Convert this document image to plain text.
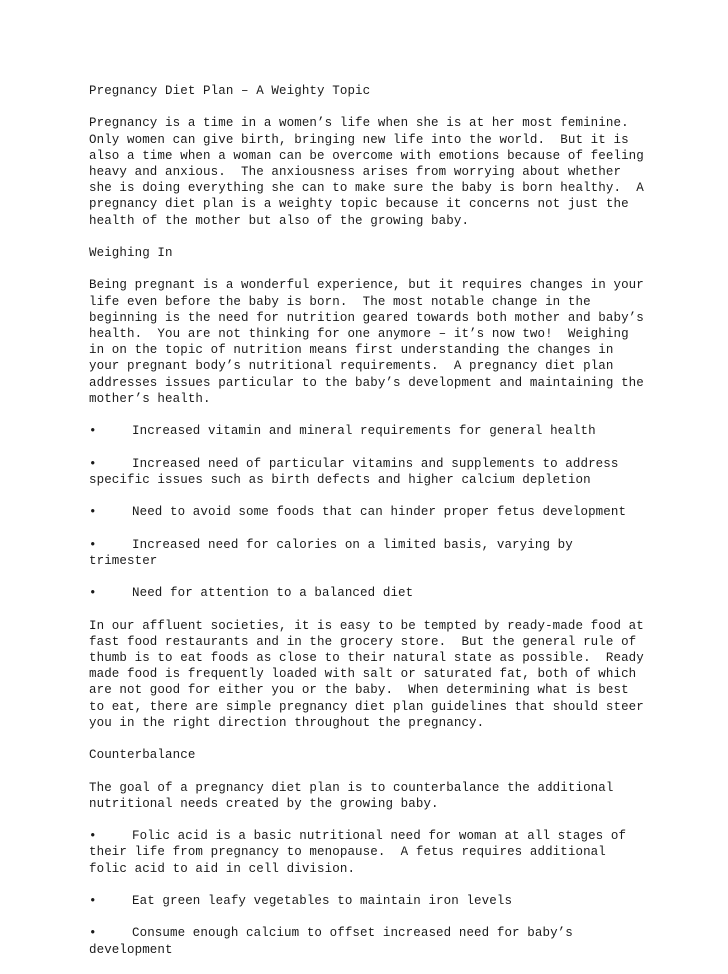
Pregnancy Diet Plan – A Weighty Topic
Pregnancy is a time in a women’s life when she is at her most feminine.
Only women can give birth, bringing new life into the world.  But it is
also a time when a woman can be overcome with emotions because of feeling
heavy and anxious.  The anxiousness arises from worrying about whether
she is doing everything she can to make sure the baby is born healthy.  A
pregnancy diet plan is a weighty topic because it concerns not just the
health of the mother but also of the growing baby.
Weighing In
Being pregnant is a wonderful experience, but it requires changes in your
life even before the baby is born.  The most notable change in the
beginning is the need for nutrition geared towards both mother and baby’s
health.  You are not thinking for one anymore – it’s now two!  Weighing
in on the topic of nutrition means first understanding the changes in
your pregnant body’s nutritional requirements.  A pregnancy diet plan
addresses issues particular to the baby’s development and maintaining the
mother’s health.
•	Increased vitamin and mineral requirements for general health
•	Increased need of particular vitamins and supplements to address
specific issues such as birth defects and higher calcium depletion
•	Need to avoid some foods that can hinder proper fetus development
•	Increased need for calories on a limited basis, varying by
trimester
•	Need for attention to a balanced diet
In our affluent societies, it is easy to be tempted by ready-made food at
fast food restaurants and in the grocery store.  But the general rule of
thumb is to eat foods as close to their natural state as possible.  Ready
made food is frequently loaded with salt or saturated fat, both of which
are not good for either you or the baby.  When determining what is best
to eat, there are simple pregnancy diet plan guidelines that should steer
you in the right direction throughout the pregnancy.
Counterbalance
The goal of a pregnancy diet plan is to counterbalance the additional
nutritional needs created by the growing baby.
•	Folic acid is a basic nutritional need for woman at all stages of
their life from pregnancy to menopause.  A fetus requires additional
folic acid to aid in cell division.
•	Eat green leafy vegetables to maintain iron levels
•	Consume enough calcium to offset increased need for baby’s
development
